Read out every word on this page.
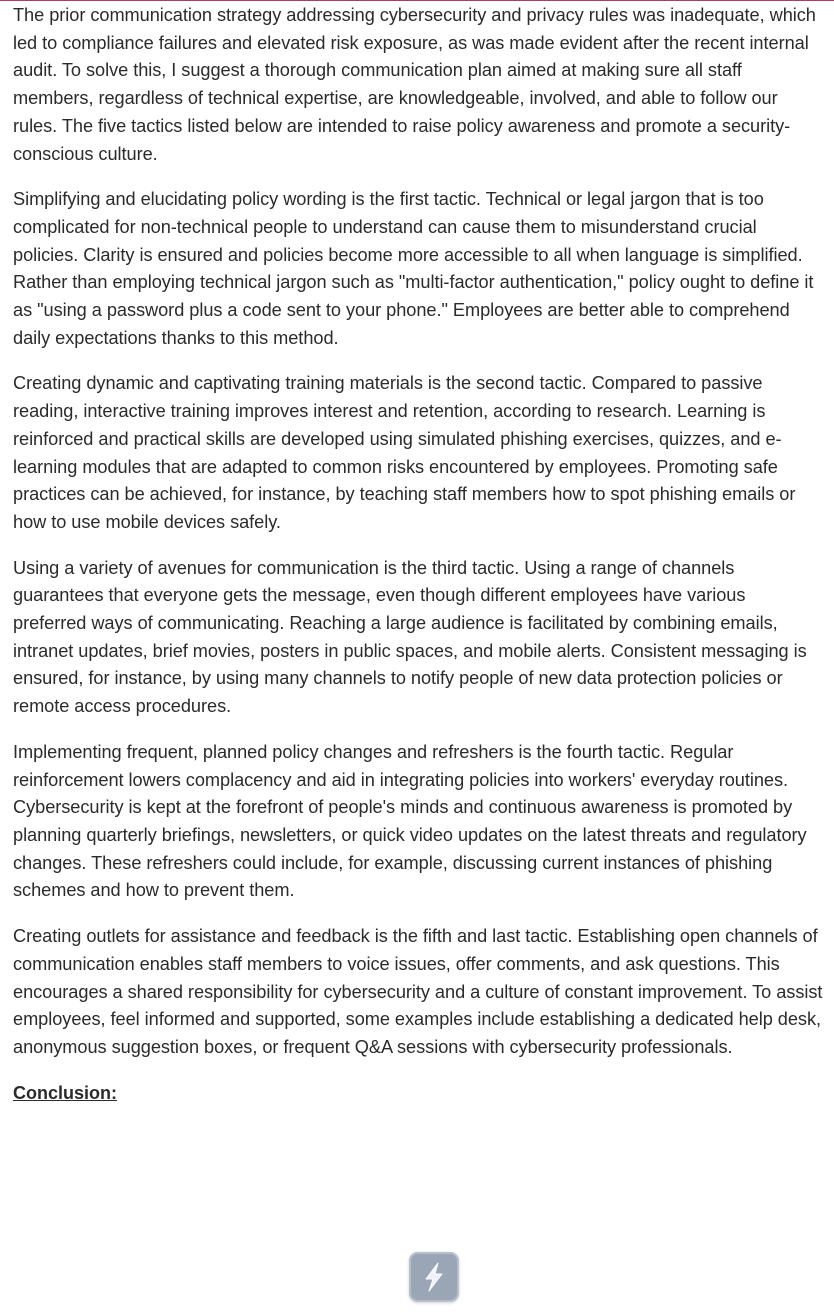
The prior communication strategy addressing cybersecurity and privacy rules was inadequate, which led to compliance failures and elevated risk exposure, as was made evident after the recent internal audit. To solve this, I suggest a thorough communication plan aimed at making sure all staff members, regardless of technical expertise, are knowledgeable, involved, and able to follow our rules. The five tactics listed below are intended to raise policy awareness and promote a security-conscious culture.

Simplifying and elucidating policy wording is the first tactic. Technical or legal jargon that is too complicated for non-technical people to understand can cause them to misunderstand crucial policies. Clarity is ensured and policies become more accessible to all when language is simplified. Rather than employing technical jargon such as "multi-factor authentication," policy ought to define it as "using a password plus a code sent to your phone." Employees are better able to comprehend daily expectations thanks to this method.

Creating dynamic and captivating training materials is the second tactic. Compared to passive reading, interactive training improves interest and retention, according to research. Learning is reinforced and practical skills are developed using simulated phishing exercises, quizzes, and e-learning modules that are adapted to common risks encountered by employees. Promoting safe practices can be achieved, for instance, by teaching staff members how to spot phishing emails or how to use mobile devices safely.

Using a variety of avenues for communication is the third tactic. Using a range of channels guarantees that everyone gets the message, even though different employees have various preferred ways of communicating. Reaching a large audience is facilitated by combining emails, intranet updates, brief movies, posters in public spaces, and mobile alerts. Consistent messaging is ensured, for instance, by using many channels to notify people of new data protection policies or remote access procedures.

Implementing frequent, planned policy changes and refreshers is the fourth tactic. Regular reinforcement lowers complacency and aid in integrating policies into workers' everyday routines. Cybersecurity is kept at the forefront of people's minds and continuous awareness is promoted by planning quarterly briefings, newsletters, or quick video updates on the latest threats and regulatory changes. These refreshers could include, for example, discussing current instances of phishing schemes and how to prevent them.

Creating outlets for assistance and feedback is the fifth and last tactic. Establishing open channels of communication enables staff members to voice issues, offer comments, and ask questions. This encourages a shared responsibility for cybersecurity and a culture of constant improvement. To assist employees, feel informed and supported, some examples include establishing a dedicated help desk, anonymous suggestion boxes, or frequent Q&A sessions with cybersecurity professionals.

Conclusion:
